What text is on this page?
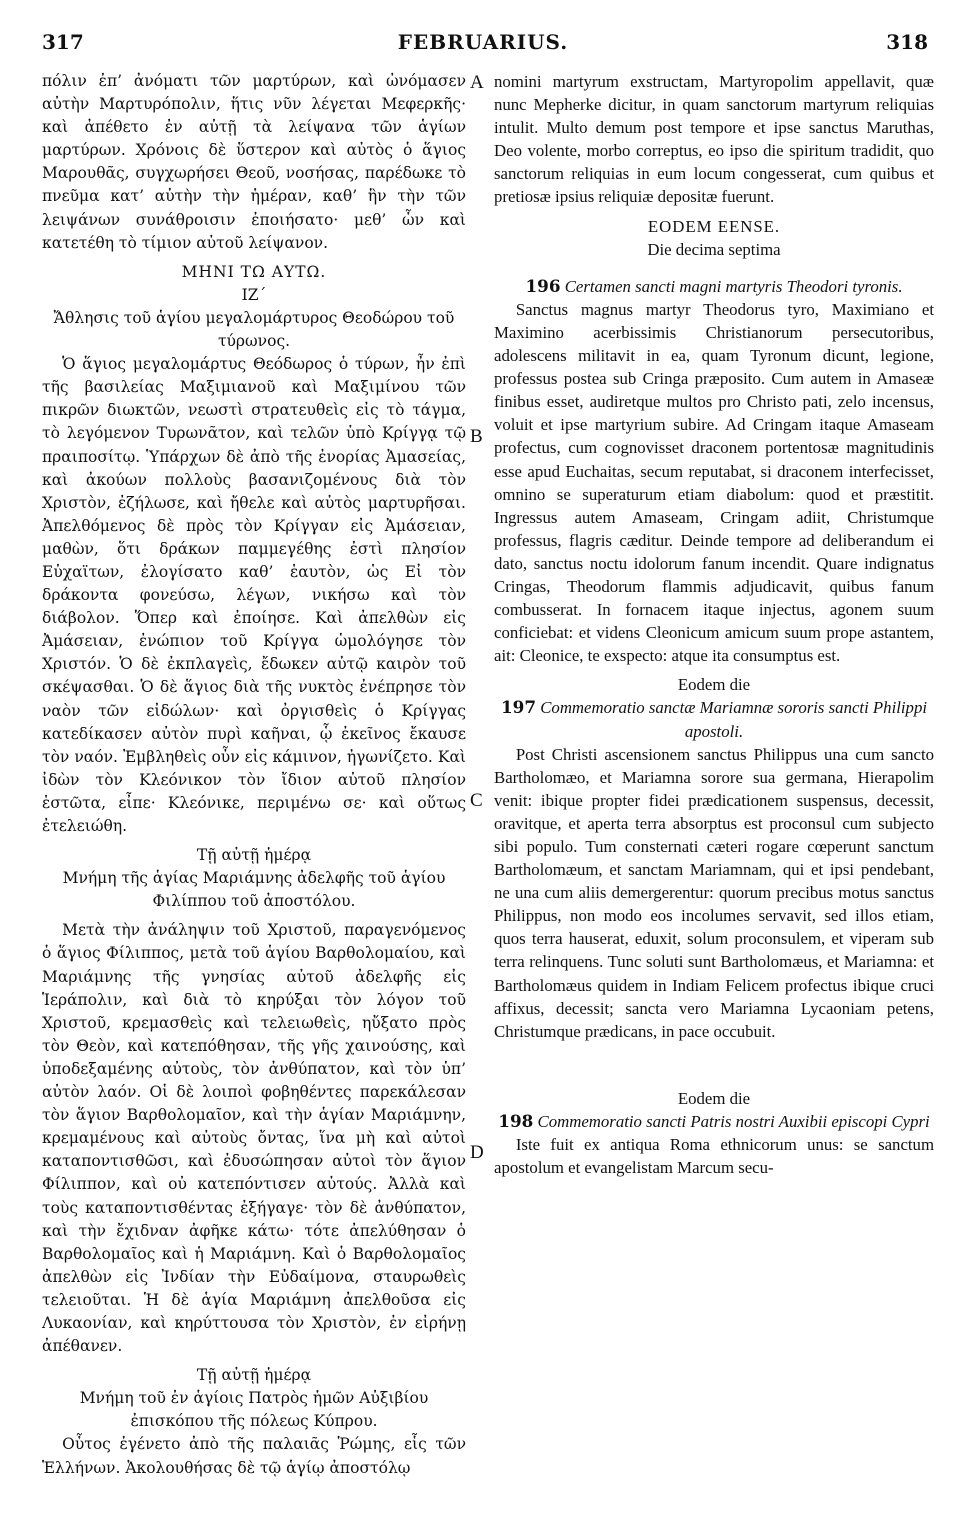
317	FEBRUARIUS.	318
A
B
C
D

πόλιν ἐπ’ ἀνόματι τῶν μαρτύρων, καὶ ὠνόμασεν αὐτὴν Μαρτυρόπολιν, ἥτις νῦν λέγεται Μεφερκῆς· καὶ ἀπέθετο ἐν αὐτῇ τὰ λείψανα τῶν ἁγίων μαρτύρων. Χρόνοις δὲ ὕστερον καὶ αὐτὸς ὁ ἅγιος Μαρουθᾶς, συγχωρήσει Θεοῦ, νοσήσας, παρέδωκε τὸ πνεῦμα κατ’ αὐτὴν τὴν ἡμέραν, καθ’ ἣν τὴν τῶν λειψάνων συνάθροισιν ἐποιήσατο· μεθ’ ὧν καὶ κατετέθη τὸ τίμιον αὐτοῦ λείψανον.

ΜΗΝΙ ΤΩ ΑΥΤΩ.

ΙΖ΄

Ἄθλησις τοῦ ἁγίου μεγαλομάρτυρος Θεοδώρου τοῦ τύρωνος.

Ὁ ἅγιος μεγαλομάρτυς Θεόδωρος ὁ τύρων, ἦν ἐπὶ τῆς βασιλείας Μαξιμιανοῦ καὶ Μαξιμίνου τῶν πικρῶν διωκτῶν, νεωστὶ στρατευθεὶς εἰς τὸ τάγμα, τὸ λεγόμενον Τυρωνᾶτον, καὶ τελῶν ὑπὸ Κρίγγᾳ τῷ πραιποσίτῳ. Ὑπάρχων δὲ ἀπὸ τῆς ἐνορίας Ἀμασείας, καὶ ἀκούων πολλοὺς βασανιζομένους διὰ τὸν Χριστὸν, ἐζήλωσε, καὶ ἤθελε καὶ αὐτὸς μαρτυρῆσαι. Ἀπελθόμενος δὲ πρὸς τὸν Κρίγγαν εἰς Ἀμάσειαν, μαθὼν, ὅτι δράκων παμμεγέθης ἐστὶ πλησίον Εὐχαϊτων, ἐλογίσατο καθ’ ἑαυτὸν, ὡς Εἰ τὸν δράκοντα φονεύσω, λέγων, νικήσω καὶ τὸν διάβολον. Ὅπερ καὶ ἐποίησε. Καὶ ἀπελθὼν εἰς Ἀμάσειαν, ἐνώπιον τοῦ Κρίγγα ὡμολόγησε τὸν Χριστόν. Ὁ δὲ ἐκπλαγεὶς, ἔδωκεν αὐτῷ καιρὸν τοῦ σκέψασθαι. Ὁ δὲ ἅγιος διὰ τῆς νυκτὸς ἐνέπρησε τὸν ναὸν τῶν εἰδώλων· καὶ ὀργισθεὶς ὁ Κρίγγας κατεδίκασεν αὐτὸν πυρὶ καῆναι, ᾧ ἐκεῖνος ἔκαυσε τὸν ναόν. Ἐμβληθεὶς οὖν εἰς κάμινον, ἠγωνίζετο. Καὶ ἰδὼν τὸν Κλεόνικον τὸν ἴδιον αὐτοῦ πλησίον ἑστῶτα, εἶπε· Κλεόνικε, περιμένω σε· καὶ οὕτως ἐτελειώθη.

Τῇ αὐτῇ ἡμέρᾳ

Μνήμη τῆς ἁγίας Μαριάμνης ἀδελφῆς τοῦ ἁγίου Φιλίππου τοῦ ἀποστόλου.

Μετὰ τὴν ἀνάληψιν τοῦ Χριστοῦ, παραγενόμενος ὁ ἅγιος Φίλιππος, μετὰ τοῦ ἁγίου Βαρθολομαίου, καὶ Μαριάμνης τῆς γνησίας αὐτοῦ ἀδελφῆς εἰς Ἱεράπολιν, καὶ διὰ τὸ κηρύξαι τὸν λόγον τοῦ Χριστοῦ, κρεμασθεὶς καὶ τελειωθεὶς, ηὔξατο πρὸς τὸν Θεὸν, καὶ κατεπόθησαν, τῆς γῆς χαινούσης, καὶ ὑποδεξαμένης αὐτοὺς, τὸν ἀνθύπατον, καὶ τὸν ὑπ’ αὐτὸν λαόν. Οἱ δὲ λοιποὶ φοβηθέντες παρεκάλεσαν τὸν ἅγιον Βαρθολομαῖον, καὶ τὴν ἁγίαν Μαριάμνην, κρεμαμένους καὶ αὐτοὺς ὄντας, ἵνα μὴ καὶ αὐτοὶ καταποντισθῶσι, καὶ ἐδυσώπησαν αὐτοὶ τὸν ἅγιον Φίλιππον, καὶ οὐ κατεπόντισεν αὐτούς. Ἀλλὰ καὶ τοὺς καταποντισθέντας ἐξήγαγε· τὸν δὲ ἀνθύπατον, καὶ τὴν ἔχιδναν ἀφῆκε κάτω· τότε ἀπελύθησαν ὁ Βαρθολομαῖος καὶ ἡ Μαριάμνη. Καὶ ὁ Βαρθολομαῖος ἀπελθὼν εἰς Ἰνδίαν τὴν Εὐδαίμονα, σταυρωθεὶς τελειοῦται. Ἡ δὲ ἁγία Μαριάμνη ἀπελθοῦσα εἰς Λυκαονίαν, καὶ κηρύττουσα τὸν Χριστὸν, ἐν εἰρήνῃ ἀπέθανεν.

Τῇ αὐτῇ ἡμέρᾳ

Μνήμη τοῦ ἐν ἁγίοις Πατρὸς ἡμῶν Αὐξιβίου ἐπισκόπου τῆς πόλεως Κύπρου.

Οὗτος ἐγένετο ἀπὸ τῆς παλαιᾶς Ῥώμης, εἷς τῶν Ἑλλήνων. Ἀκολουθήσας δὲ τῷ ἁγίῳ ἀποστόλῳ

nomini martyrum exstructam, Martyropolim appellavit, quæ nunc Mepherke dicitur, in quam sanctorum martyrum reliquias intulit. Multo demum post tempore et ipse sanctus Maruthas, Deo volente, morbo correptus, eo ipso die spiritum tradidit, quo sanctorum reliquias in eum locum congesserat, cum quibus et pretiosæ ipsius reliquiæ depositæ fuerunt.

EODEM EENSE.

Die decima septima

196 Certamen sancti magni martyris Theodori tyronis.

Sanctus magnus martyr Theodorus tyro, Maximiano et Maximino acerbissimis Christianorum persecutoribus, adolescens militavit in ea, quam Tyronum dicunt, legione, professus postea sub Cringa præposito. Cum autem in Amaseæ finibus esset, audiretque multos pro Christo pati, zelo incensus, voluit et ipse martyrium subire. Ad Cringam itaque Amaseam profectus, cum cognovisset draconem portentosæ magnitudinis esse apud Euchaitas, secum reputabat, si draconem interfecisset, omnino se superaturum etiam diabolum: quod et præstitit. Ingressus autem Amaseam, Cringam adiit, Christumque professus, flagris cæditur. Deinde tempore ad deliberandum ei dato, sanctus noctu idolorum fanum incendit. Quare indignatus Cringas, Theodorum flammis adjudicavit, quibus fanum combusserat. In fornacem itaque injectus, agonem suum conficiebat: et videns Cleonicum amicum suum prope astantem, ait: Cleonice, te exspecto: atque ita consumptus est.

Eodem die

197 Commemoratio sanctæ Mariamnæ sororis sancti Philippi apostoli.

Post Christi ascensionem sanctus Philippus una cum sancto Bartholomæo, et Mariamna sorore sua germana, Hierapolim venit: ibique propter fidei prædicationem suspensus, decessit, oravitque, et aperta terra absorptus est proconsul cum subjecto sibi populo. Tum consternati cæteri rogare cœperunt sanctum Bartholomæum, et sanctam Mariamnam, qui et ipsi pendebant, ne una cum aliis demergerentur: quorum precibus motus sanctus Philippus, non modo eos incolumes servavit, sed illos etiam, quos terra hauserat, eduxit, solum proconsulem, et viperam sub terra relinquens. Tunc soluti sunt Bartholomæus, et Mariamna: et Bartholomæus quidem in Indiam Felicem profectus ibique cruci affixus, decessit; sancta vero Mariamna Lycaoniam petens, Christumque prædicans, in pace occubuit.

Eodem die

198 Commemoratio sancti Patris nostri Auxibii episcopi Cypri

Iste fuit ex antiqua Roma ethnicorum unus: se sanctum apostolum et evangelistam Marcum secu-
